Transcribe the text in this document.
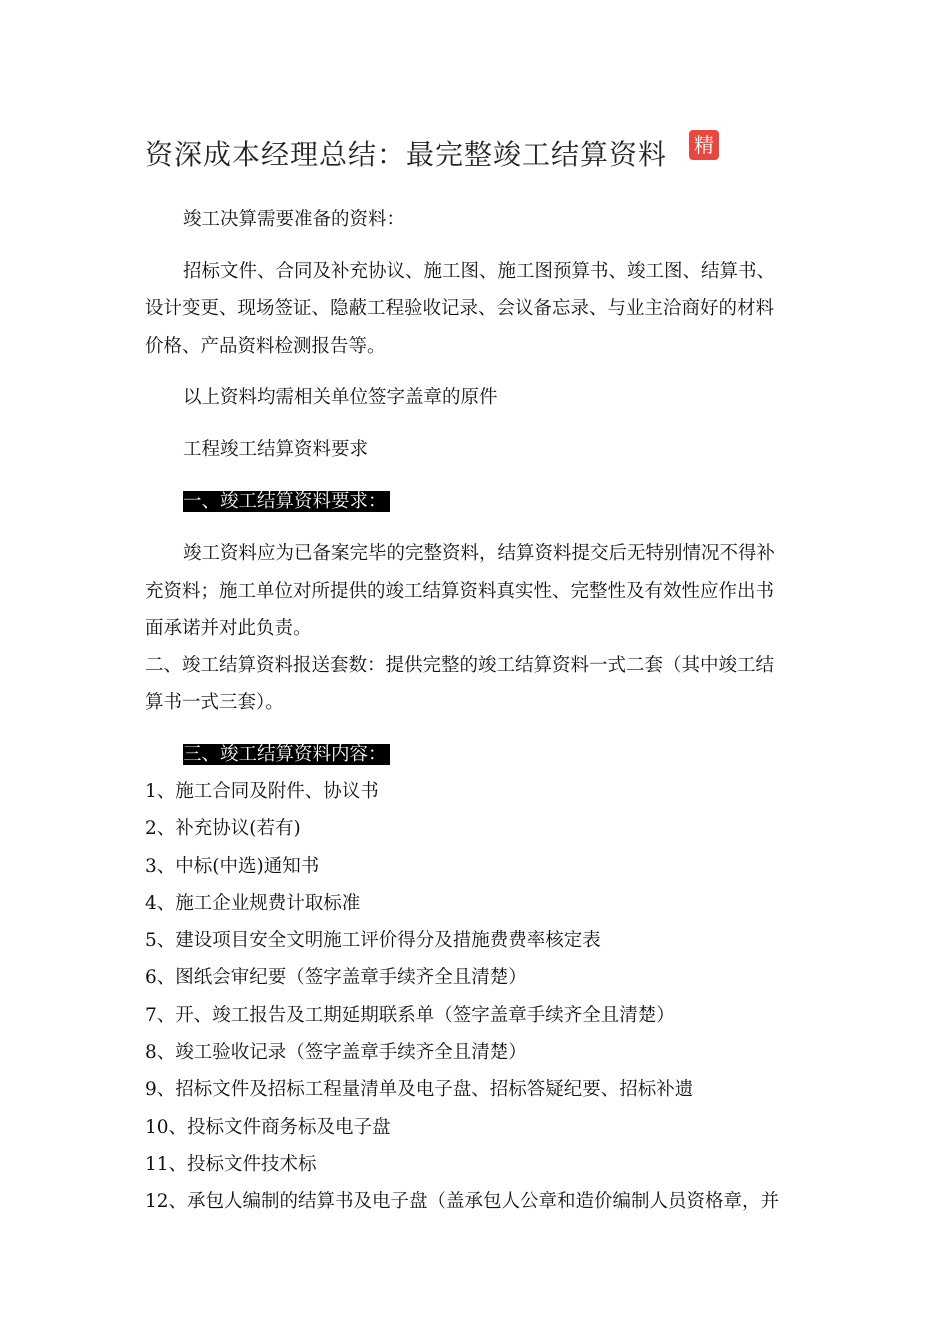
资深成本经理总结：最完整竣工结算资料 精
竣工决算需要准备的资料：
招标文件、合同及补充协议、施工图、施工图预算书、竣工图、结算书、
设计变更、现场签证、隐蔽工程验收记录、会议备忘录、与业主洽商好的材料
价格、产品资料检测报告等。
以上资料均需相关单位签字盖章的原件
工程竣工结算资料要求
一、竣工结算资料要求：
竣工资料应为已备案完毕的完整资料，结算资料提交后无特别情况不得补
充资料；施工单位对所提供的竣工结算资料真实性、完整性及有效性应作出书
面承诺并对此负责。
二、竣工结算资料报送套数：提供完整的竣工结算资料一式二套（其中竣工结
算书一式三套）。
三、竣工结算资料内容：
1、施工合同及附件、协议书
2、补充协议(若有)
3、中标(中选)通知书
4、施工企业规费计取标准
5、建设项目安全文明施工评价得分及措施费费率核定表
6、图纸会审纪要（签字盖章手续齐全且清楚）
7、开、竣工报告及工期延期联系单（签字盖章手续齐全且清楚）
8、竣工验收记录（签字盖章手续齐全且清楚）
9、招标文件及招标工程量清单及电子盘、招标答疑纪要、招标补遗
10、投标文件商务标及电子盘
11、投标文件技术标
12、承包人编制的结算书及电子盘（盖承包人公章和造价编制人员资格章，并
